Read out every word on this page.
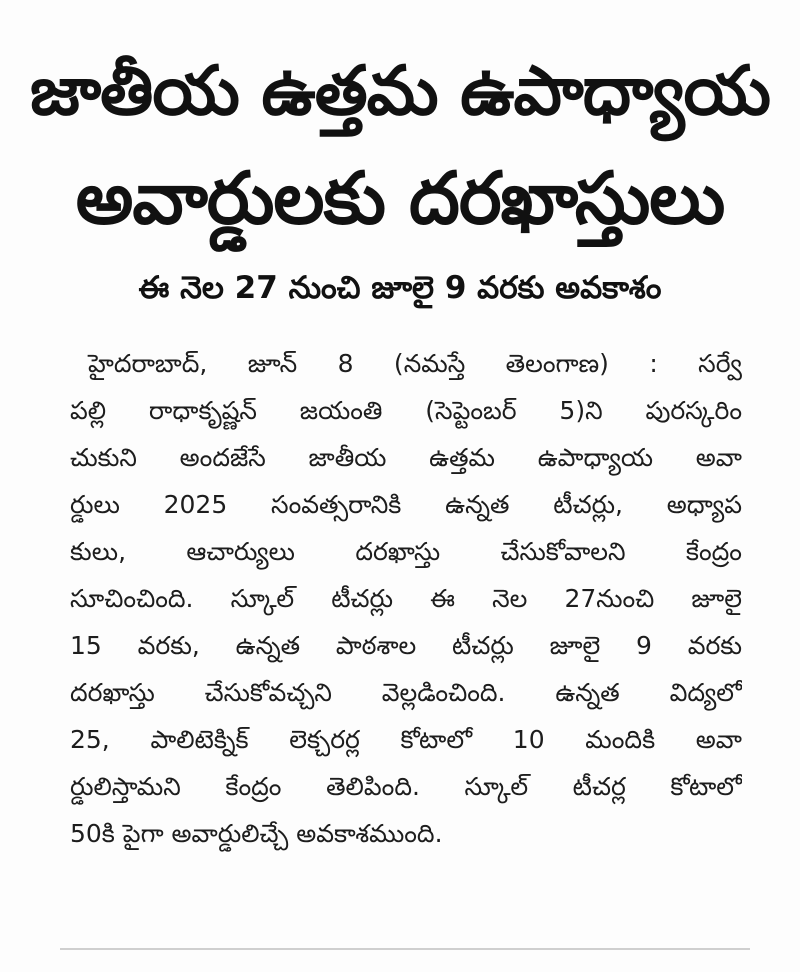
జాతీయ ఉత్తమ ఉపాధ్యాయ
అవార్డులకు దరఖాస్తులు
ఈ నెల 27 నుంచి జూలై 9 వరకు అవకాశం
హైదరాబాద్, జూన్ 8 (నమస్తే తెలంగాణ) : సర్వే
పల్లి రాధాకృష్ణన్ జయంతి (సెప్టెంబర్ 5)ని పురస్కరిం
చుకుని అందజేసే జాతీయ ఉత్తమ ఉపాధ్యాయ అవా
ర్డులు 2025 సంవత్సరానికి ఉన్నత టీచర్లు, అధ్యాప
కులు, ఆచార్యులు దరఖాస్తు చేసుకోవాలని కేంద్రం
సూచించింది. స్కూల్ టీచర్లు ఈ నెల 27నుంచి జూలై
15 వరకు, ఉన్నత పాఠశాల టీచర్లు జూలై 9 వరకు
దరఖాస్తు చేసుకోవచ్చని వెల్లడించింది. ఉన్నత విద్యలో
25, పాలిటెక్నిక్ లెక్చరర్ల కోటాలో 10 మందికి అవా
ర్డులిస్తామని కేంద్రం తెలిపింది. స్కూల్ టీచర్ల కోటాలో
50కి పైగా అవార్డులిచ్చే అవకాశముంది.
